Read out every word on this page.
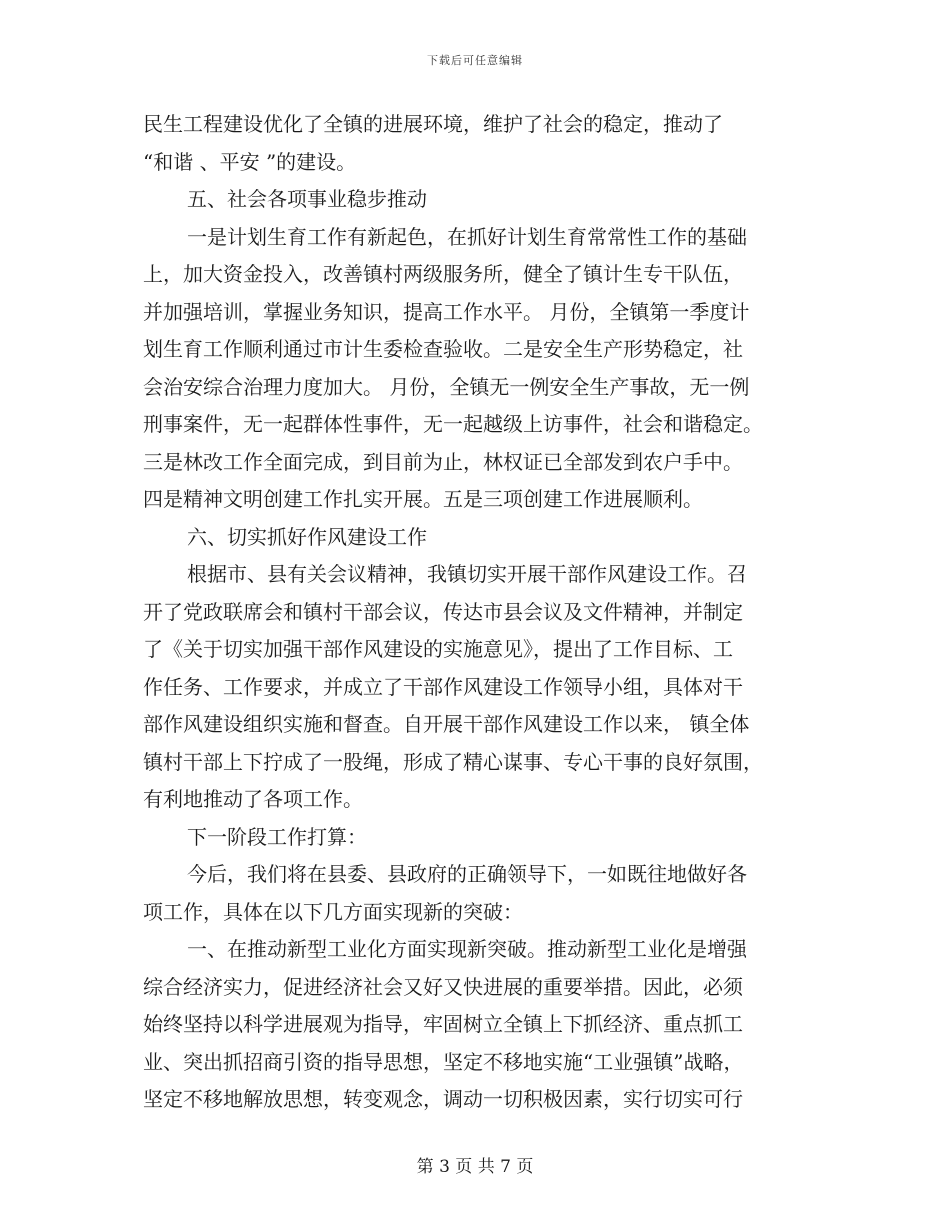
下载后可任意编辑
民生工程建设优化了全镇的进展环境，维护了社会的稳定，推动了
“和谐 、平安 ”的建设。
五、社会各项事业稳步推动
一是计划生育工作有新起色，在抓好计划生育常常性工作的基础
上，加大资金投入，改善镇村两级服务所，健全了镇计生专干队伍，
并加强培训，掌握业务知识，提高工作水平。 月份，全镇第一季度计
划生育工作顺利通过市计生委检查验收。二是安全生产形势稳定，社
会治安综合治理力度加大。 月份，全镇无一例安全生产事故，无一例
刑事案件，无一起群体性事件，无一起越级上访事件，社会和谐稳定。
三是林改工作全面完成，到目前为止，林权证已全部发到农户手中。
四是精神文明创建工作扎实开展。五是三项创建工作进展顺利。
六、切实抓好作风建设工作
根据市、县有关会议精神，我镇切实开展干部作风建设工作。召
开了党政联席会和镇村干部会议，传达市县会议及文件精神，并制定
了《关于切实加强干部作风建设的实施意见》，提出了工作目标、工
作任务、工作要求，并成立了干部作风建设工作领导小组，具体对干
部作风建设组织实施和督查。自开展干部作风建设工作以来， 镇全体
镇村干部上下拧成了一股绳，形成了精心谋事、专心干事的良好氛围，
有利地推动了各项工作。
下一阶段工作打算：
今后，我们将在县委、县政府的正确领导下，一如既往地做好各
项工作，具体在以下几方面实现新的突破：
一、在推动新型工业化方面实现新突破。推动新型工业化是增强
综合经济实力，促进经济社会又好又快进展的重要举措。因此，必须
始终坚持以科学进展观为指导，牢固树立全镇上下抓经济、重点抓工
业、突出抓招商引资的指导思想，坚定不移地实施“工业强镇”战略，
坚定不移地解放思想，转变观念，调动一切积极因素，实行切实可行
第 3 页 共 7 页
